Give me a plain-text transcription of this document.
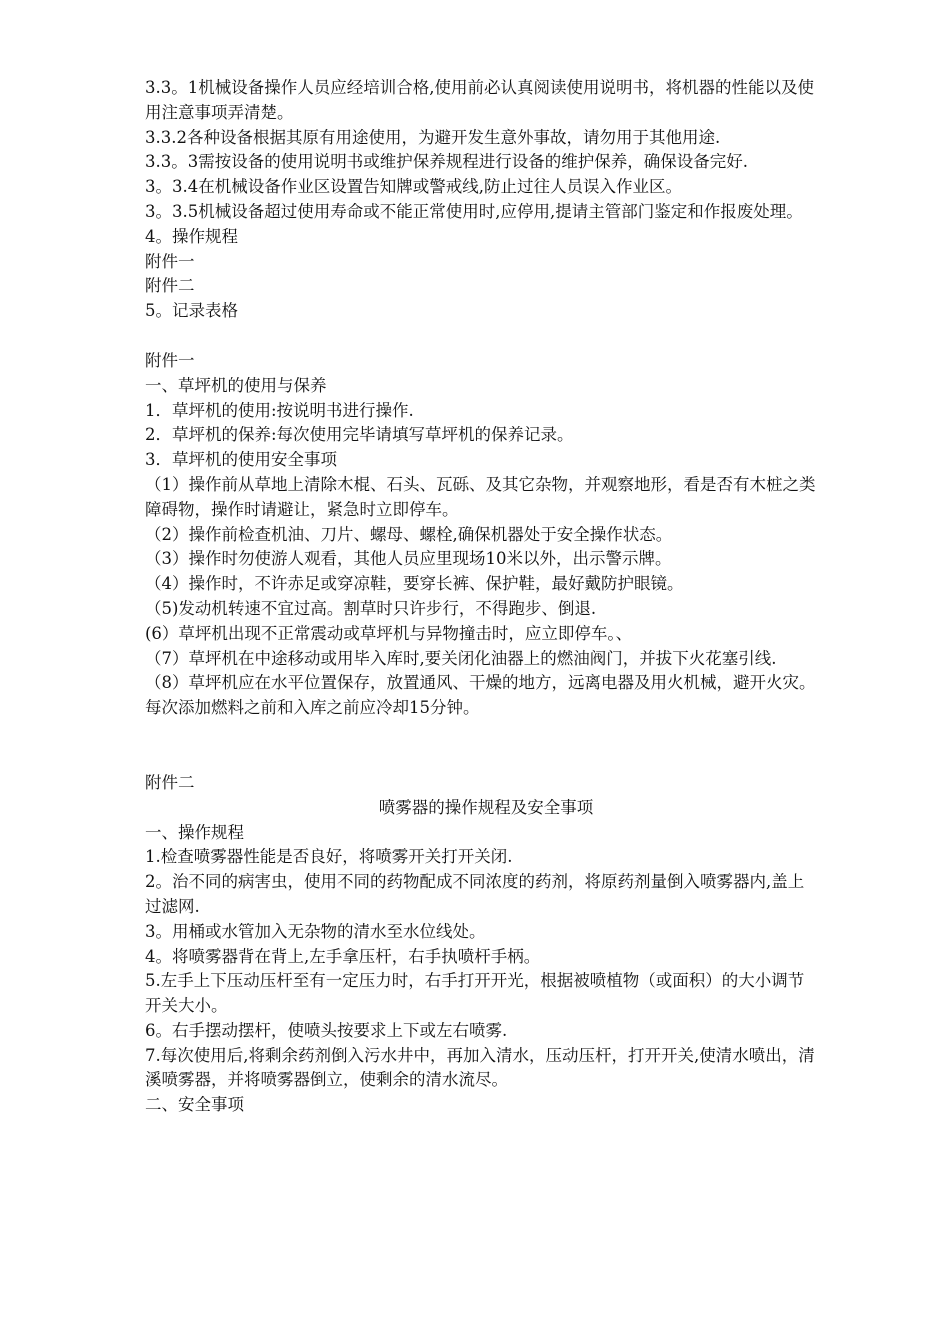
3.3。1机械设备操作人员应经培训合格,使用前必认真阅读使用说明书，将机器的性能以及使用注意事项弄清楚。

3.3.2各种设备根据其原有用途使用，为避开发生意外事故，请勿用于其他用途.

3.3。3需按设备的使用说明书或维护保养规程进行设备的维护保养，确保设备完好.

3。3.4在机械设备作业区设置告知牌或警戒线,防止过往人员误入作业区。

3。3.5机械设备超过使用寿命或不能正常使用时,应停用,提请主管部门鉴定和作报废处理。

4。操作规程

附件一

附件二

5。记录表格

附件一

一、草坪机的使用与保养

1．草坪机的使用:按说明书进行操作.

2．草坪机的保养:每次使用完毕请填写草坪机的保养记录。

3．草坪机的使用安全事项

（1）操作前从草地上清除木棍、石头、瓦砾、及其它杂物，并观察地形，看是否有木桩之类障碍物，操作时请避让，紧急时立即停车。

（2）操作前检查机油、刀片、螺母、螺栓,确保机器处于安全操作状态。

（3）操作时勿使游人观看，其他人员应里现场10米以外，出示警示牌。

（4）操作时，不许赤足或穿凉鞋，要穿长裤、保护鞋，最好戴防护眼镜。

（5)发动机转速不宜过高。割草时只许步行，不得跑步、倒退.

(6）草坪机出现不正常震动或草坪机与异物撞击时，应立即停车。、

（7）草坪机在中途移动或用毕入库时,要关闭化油器上的燃油阀门，并拔下火花塞引线.

（8）草坪机应在水平位置保存，放置通风、干燥的地方，远离电器及用火机械，避开火灾。每次添加燃料之前和入库之前应冷却15分钟。

附件二

喷雾器的操作规程及安全事项

一、操作规程

1.检查喷雾器性能是否良好，将喷雾开关打开关闭.

2。治不同的病害虫，使用不同的药物配成不同浓度的药剂，将原药剂量倒入喷雾器内,盖上过滤网.

3。用桶或水管加入无杂物的清水至水位线处。

4。将喷雾器背在背上,左手拿压杆，右手执喷杆手柄。

5.左手上下压动压杆至有一定压力时，右手打开开光，根据被喷植物（或面积）的大小调节开关大小。

6。右手摆动摆杆，使喷头按要求上下或左右喷雾.

7.每次使用后,将剩余药剂倒入污水井中，再加入清水，压动压杆，打开开关,使清水喷出，清溪喷雾器，并将喷雾器倒立，使剩余的清水流尽。

二、安全事项
